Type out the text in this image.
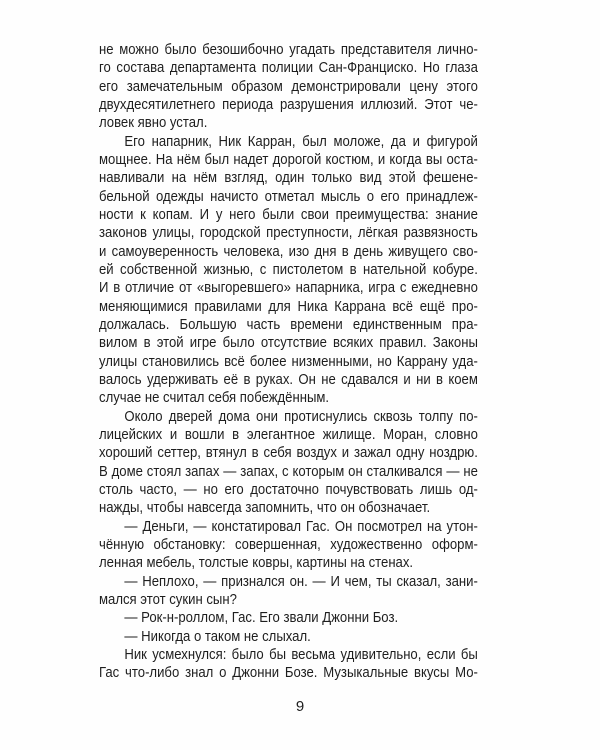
не можно было безошибочно угадать представителя лично-
го состава департамента полиции Сан-Франциско. Но глаза
его замечательным образом демонстрировали цену этого
двухдесятилетнего периода разрушения иллюзий. Этот че-
ловек явно устал.
Его напарник, Ник Карран, был моложе, да и фигурой
мощнее. На нём был надет дорогой костюм, и когда вы оста-
навливали на нём взгляд, один только вид этой фешене-
бельной одежды начисто отметал мысль о его принадлеж-
ности к копам. И у него были свои преимущества: знание
законов улицы, городской преступности, лёгкая развязность
и самоуверенность человека, изо дня в день живущего сво-
ей собственной жизнью, с пистолетом в нательной кобуре.
И в отличие от «выгоревшего» напарника, игра с ежедневно
меняющимися правилами для Ника Каррана всё ещё про-
должалась. Большую часть времени единственным пра-
вилом в этой игре было отсутствие всяких правил. Законы
улицы становились всё более низменными, но Каррану уда-
валось удерживать её в руках. Он не сдавался и ни в коем
случае не считал себя побеждённым.
Около дверей дома они протиснулись сквозь толпу по-
лицейских и вошли в элегантное жилище. Моран, словно
хороший сеттер, втянул в себя воздух и зажал одну ноздрю.
В доме стоял запах — запах, с которым он сталкивался — не
столь часто, — но его достаточно почувствовать лишь од-
нажды, чтобы навсегда запомнить, что он обозначает.
— Деньги, — констатировал Гас. Он посмотрел на утон-
чённую обстановку: совершенная, художественно оформ-
ленная мебель, толстые ковры, картины на стенах.
— Неплохо, — признался он. — И чем, ты сказал, зани-
мался этот сукин сын?
— Рок-н-роллом, Гас. Его звали Джонни Боз.
— Никогда о таком не слыхал.
Ник усмехнулся: было бы весьма удивительно, если бы
Гас что-либо знал о Джонни Бозе. Музыкальные вкусы Мо-
9
